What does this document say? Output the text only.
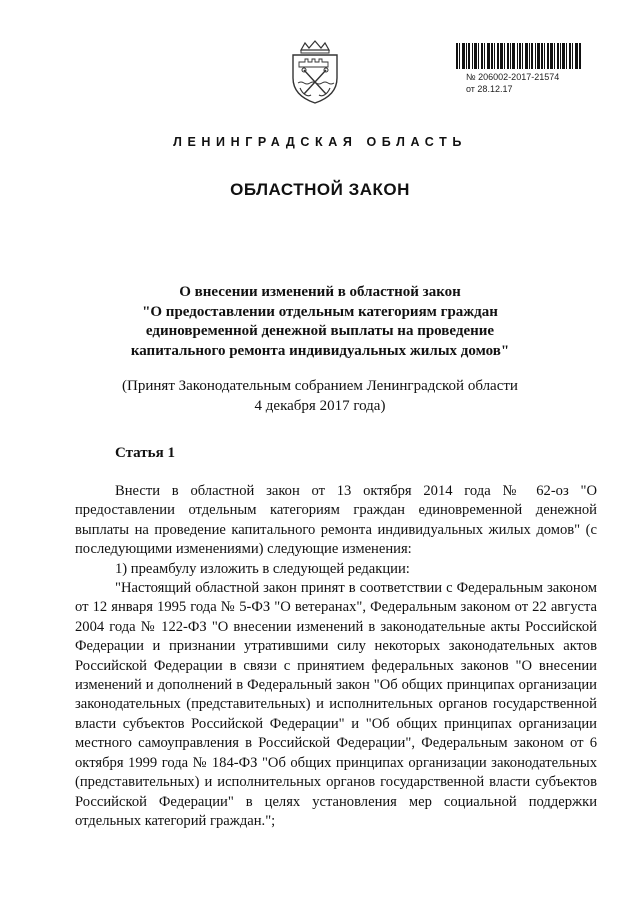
№ 206002-2017-21574
от 28.12.17
ЛЕНИНГРАДСКАЯ ОБЛАСТЬ
ОБЛАСТНОЙ ЗАКОН
О внесении изменений в областной закон
"О предоставлении отдельным категориям граждан
единовременной денежной выплаты на проведение
капитального ремонта индивидуальных жилых домов"
(Принят Законодательным собранием Ленинградской области
4 декабря 2017 года)
Статья 1

Внести в областной закон от 13 октября 2014 года № 62-оз "О предоставлении отдельным категориям граждан единовременной денежной выплаты на проведение капитального ремонта индивидуальных жилых домов" (с последующими изменениями) следующие изменения:

1) преамбулу изложить в следующей редакции:

"Настоящий областной закон принят в соответствии с Федеральным законом от 12 января 1995 года № 5-ФЗ "О ветеранах", Федеральным законом от 22 августа 2004 года № 122-ФЗ "О внесении изменений в законодательные акты Российской Федерации и признании утратившими силу некоторых законодательных актов Российской Федерации в связи с принятием федеральных законов "О внесении изменений и дополнений в Федеральный закон "Об общих принципах организации законодательных (представительных) и исполнительных органов государственной власти субъектов Российской Федерации" и "Об общих принципах организации местного самоуправления в Российской Федерации", Федеральным законом от 6 октября 1999 года № 184-ФЗ "Об общих принципах организации законодательных (представительных) и исполнительных органов государственной власти субъектов Российской Федерации" в целях установления мер социальной поддержки отдельных категорий граждан.";
